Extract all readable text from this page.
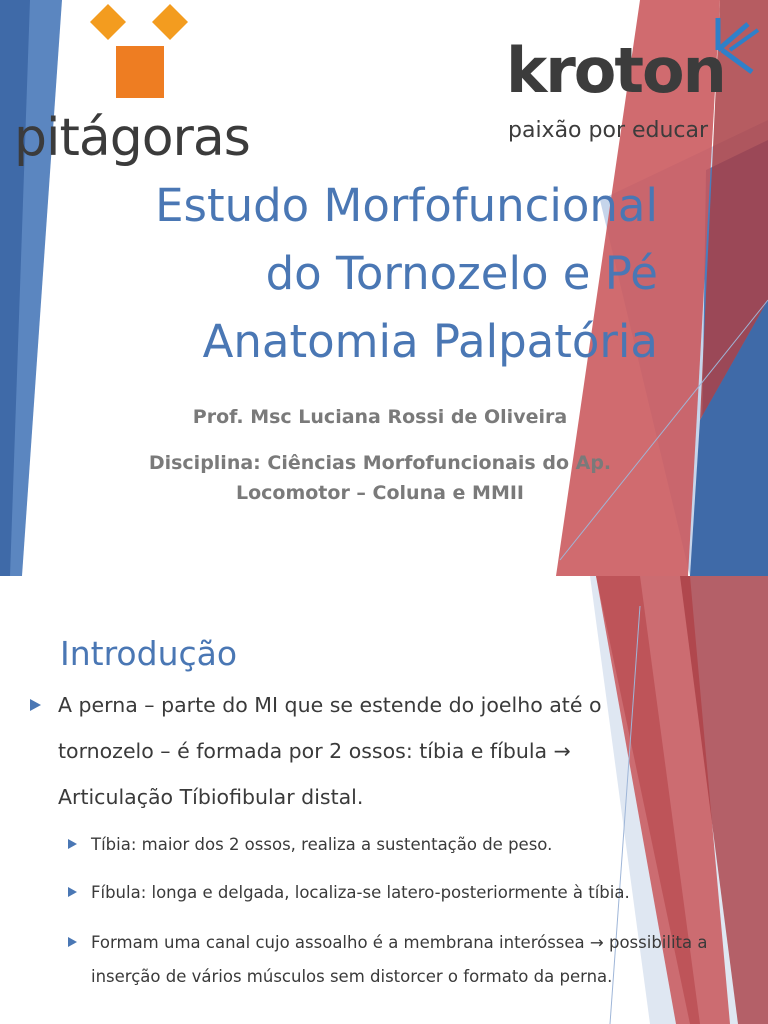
pitágoras
kroton
paixão por educar
Estudo Morfofuncional
do Tornozelo e Pé
Anatomia Palpatória
Prof. Msc Luciana Rossi de Oliveira
Disciplina: Ciências Morfofuncionais do Ap.
Locomotor – Coluna e MMII
Introdução
A perna – parte do MI que se estende do joelho até o tornozelo – é formada por 2 ossos: tíbia e fíbula → Articulação Tíbiofibular distal.
Tíbia: maior dos 2 ossos, realiza a sustentação de peso.
Fíbula: longa e delgada, localiza-se latero-posteriormente à tíbia.
Formam uma canal cujo assoalho é a membrana interóssea → possibilita a inserção de vários músculos sem distorcer o formato da perna.
